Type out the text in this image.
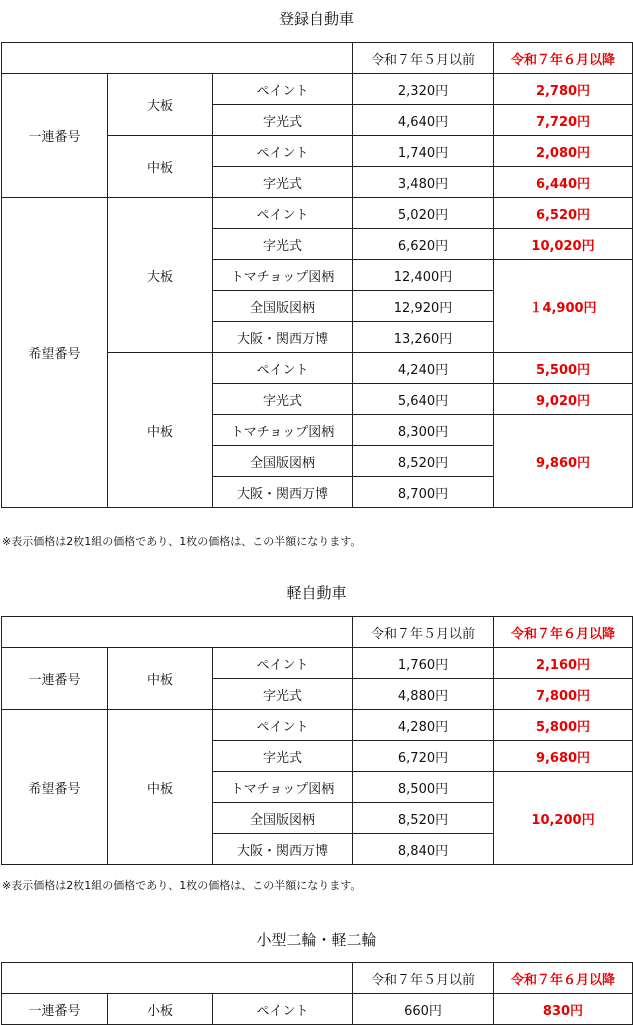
登録自動車
			令和７年５月以前	令和７年６月以降
一連番号	大板	ペイント	2,320円	2,780円
		字光式	4,640円	7,720円
	中板	ペイント	1,740円	2,080円
		字光式	3,480円	6,440円
希望番号	大板	ペイント	5,020円	6,520円
		字光式	6,620円	10,020円
		トマチョップ図柄	12,400円	１4,900円
		全国版図柄	12,920円	
		大阪・関西万博	13,260円	
	中板	ペイント	4,240円	5,500円
		字光式	5,640円	9,020円
		トマチョップ図柄	8,300円	9,860円
		全国版図柄	8,520円	
		大阪・関西万博	8,700円	
※表示価格は2枚1組の価格であり、1枚の価格は、この半額になります。
軽自動車
			令和７年５月以前	令和７年６月以降
一連番号	中板	ペイント	1,760円	2,160円
		字光式	4,880円	7,800円
希望番号	中板	ペイント	4,280円	5,800円
		字光式	6,720円	9,680円
		トマチョップ図柄	8,500円	10,200円
		全国版図柄	8,520円	
		大阪・関西万博	8,840円	
※表示価格は2枚1組の価格であり、1枚の価格は、この半額になります。
小型二輪・軽二輪
			令和７年５月以前	令和７年６月以降
一連番号	小板	ペイント	660円	830円
